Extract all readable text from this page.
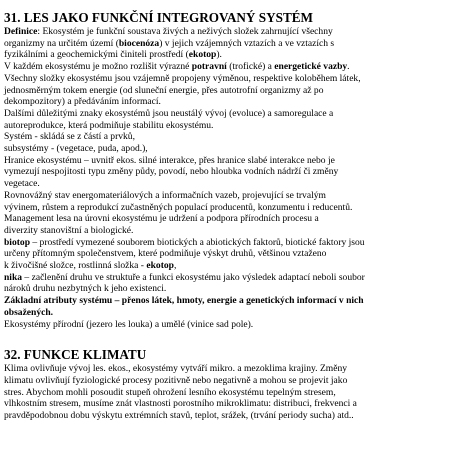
31. LES JAKO FUNKČNÍ INTEGROVANÝ SYSTÉM
Definice: Ekosystém je funkční soustava živých a neživých složek zahrnující všechny
organizmy na určitém území (biocenóza) v jejich vzájemných vztazích a ve vztazích s
fyzikálními a geochemickými činiteli prostředí (ekotop).
V každém ekosystému je možno rozlišit výrazné potravní (trofické) a energetické vazby.
Všechny složky ekosystému jsou vzájemně propojeny výměnou, respektive koloběhem látek,
jednosměrným tokem energie (od sluneční energie, přes autotrofní organizmy až po
dekompozitory) a předáváním informací.
Dalšími důležitými znaky ekosystémů jsou neustálý vývoj (evoluce) a samoregulace a
autoreprodukce, která podmiňuje stabilitu ekosystému.
Systém - skládá se z částí a prvků,
subsystémy - (vegetace, puda, apod.),
Hranice ekosystému – uvnitř ekos. silné interakce, přes hranice slabé interakce nebo je
vymezují nespojitosti typu změny půdy, povodí, nebo hloubka vodních nádrží či změny
vegetace.
Rovnovážný stav energomateriálových a informačních vazeb, projevující se trvalým
vývinem, růstem a reprodukcí zučastněných populací producentů, konzumentu i reducentů.
Management lesa na úrovni ekosystému je udržení a podpora přírodních procesu a
diverzity stanovištní a biologické.
biotop – prostředí vymezené souborem biotických a abiotických faktorů, biotické faktory jsou
určeny přítomným společenstvem, které podmiňuje výskyt druhů, většinou vztaženo
k živočišné složce, rostlinná složka - ekotop,
nika – začlenění druhu ve struktuře a funkci ekosystému jako výsledek adaptací neboli soubor
nároků druhu nezbytných k jeho existenci.
Základní atributy systému – přenos látek, hmoty, energie a genetických informací v nich
obsažených.
Ekosystémy přírodní (jezero les louka) a umělé (vinice sad pole).
32. FUNKCE KLIMATU
Klima ovlivňuje vývoj les. ekos., ekosystémy vytváří mikro. a mezoklima krajiny. Změny
klimatu ovlivňují fyziologické procesy pozitivně nebo negativně a mohou se projevit jako
stres. Abychom mohli posoudit stupeň ohrožení lesního ekosystému tepelným stresem,
vlhkostním stresem, musíme znát vlastnosti porostního mikroklimatu: distribuci, frekvenci a
pravděpodobnou dobu výskytu extrémních stavů, teplot, srážek, (trvání periody sucha) atd..
